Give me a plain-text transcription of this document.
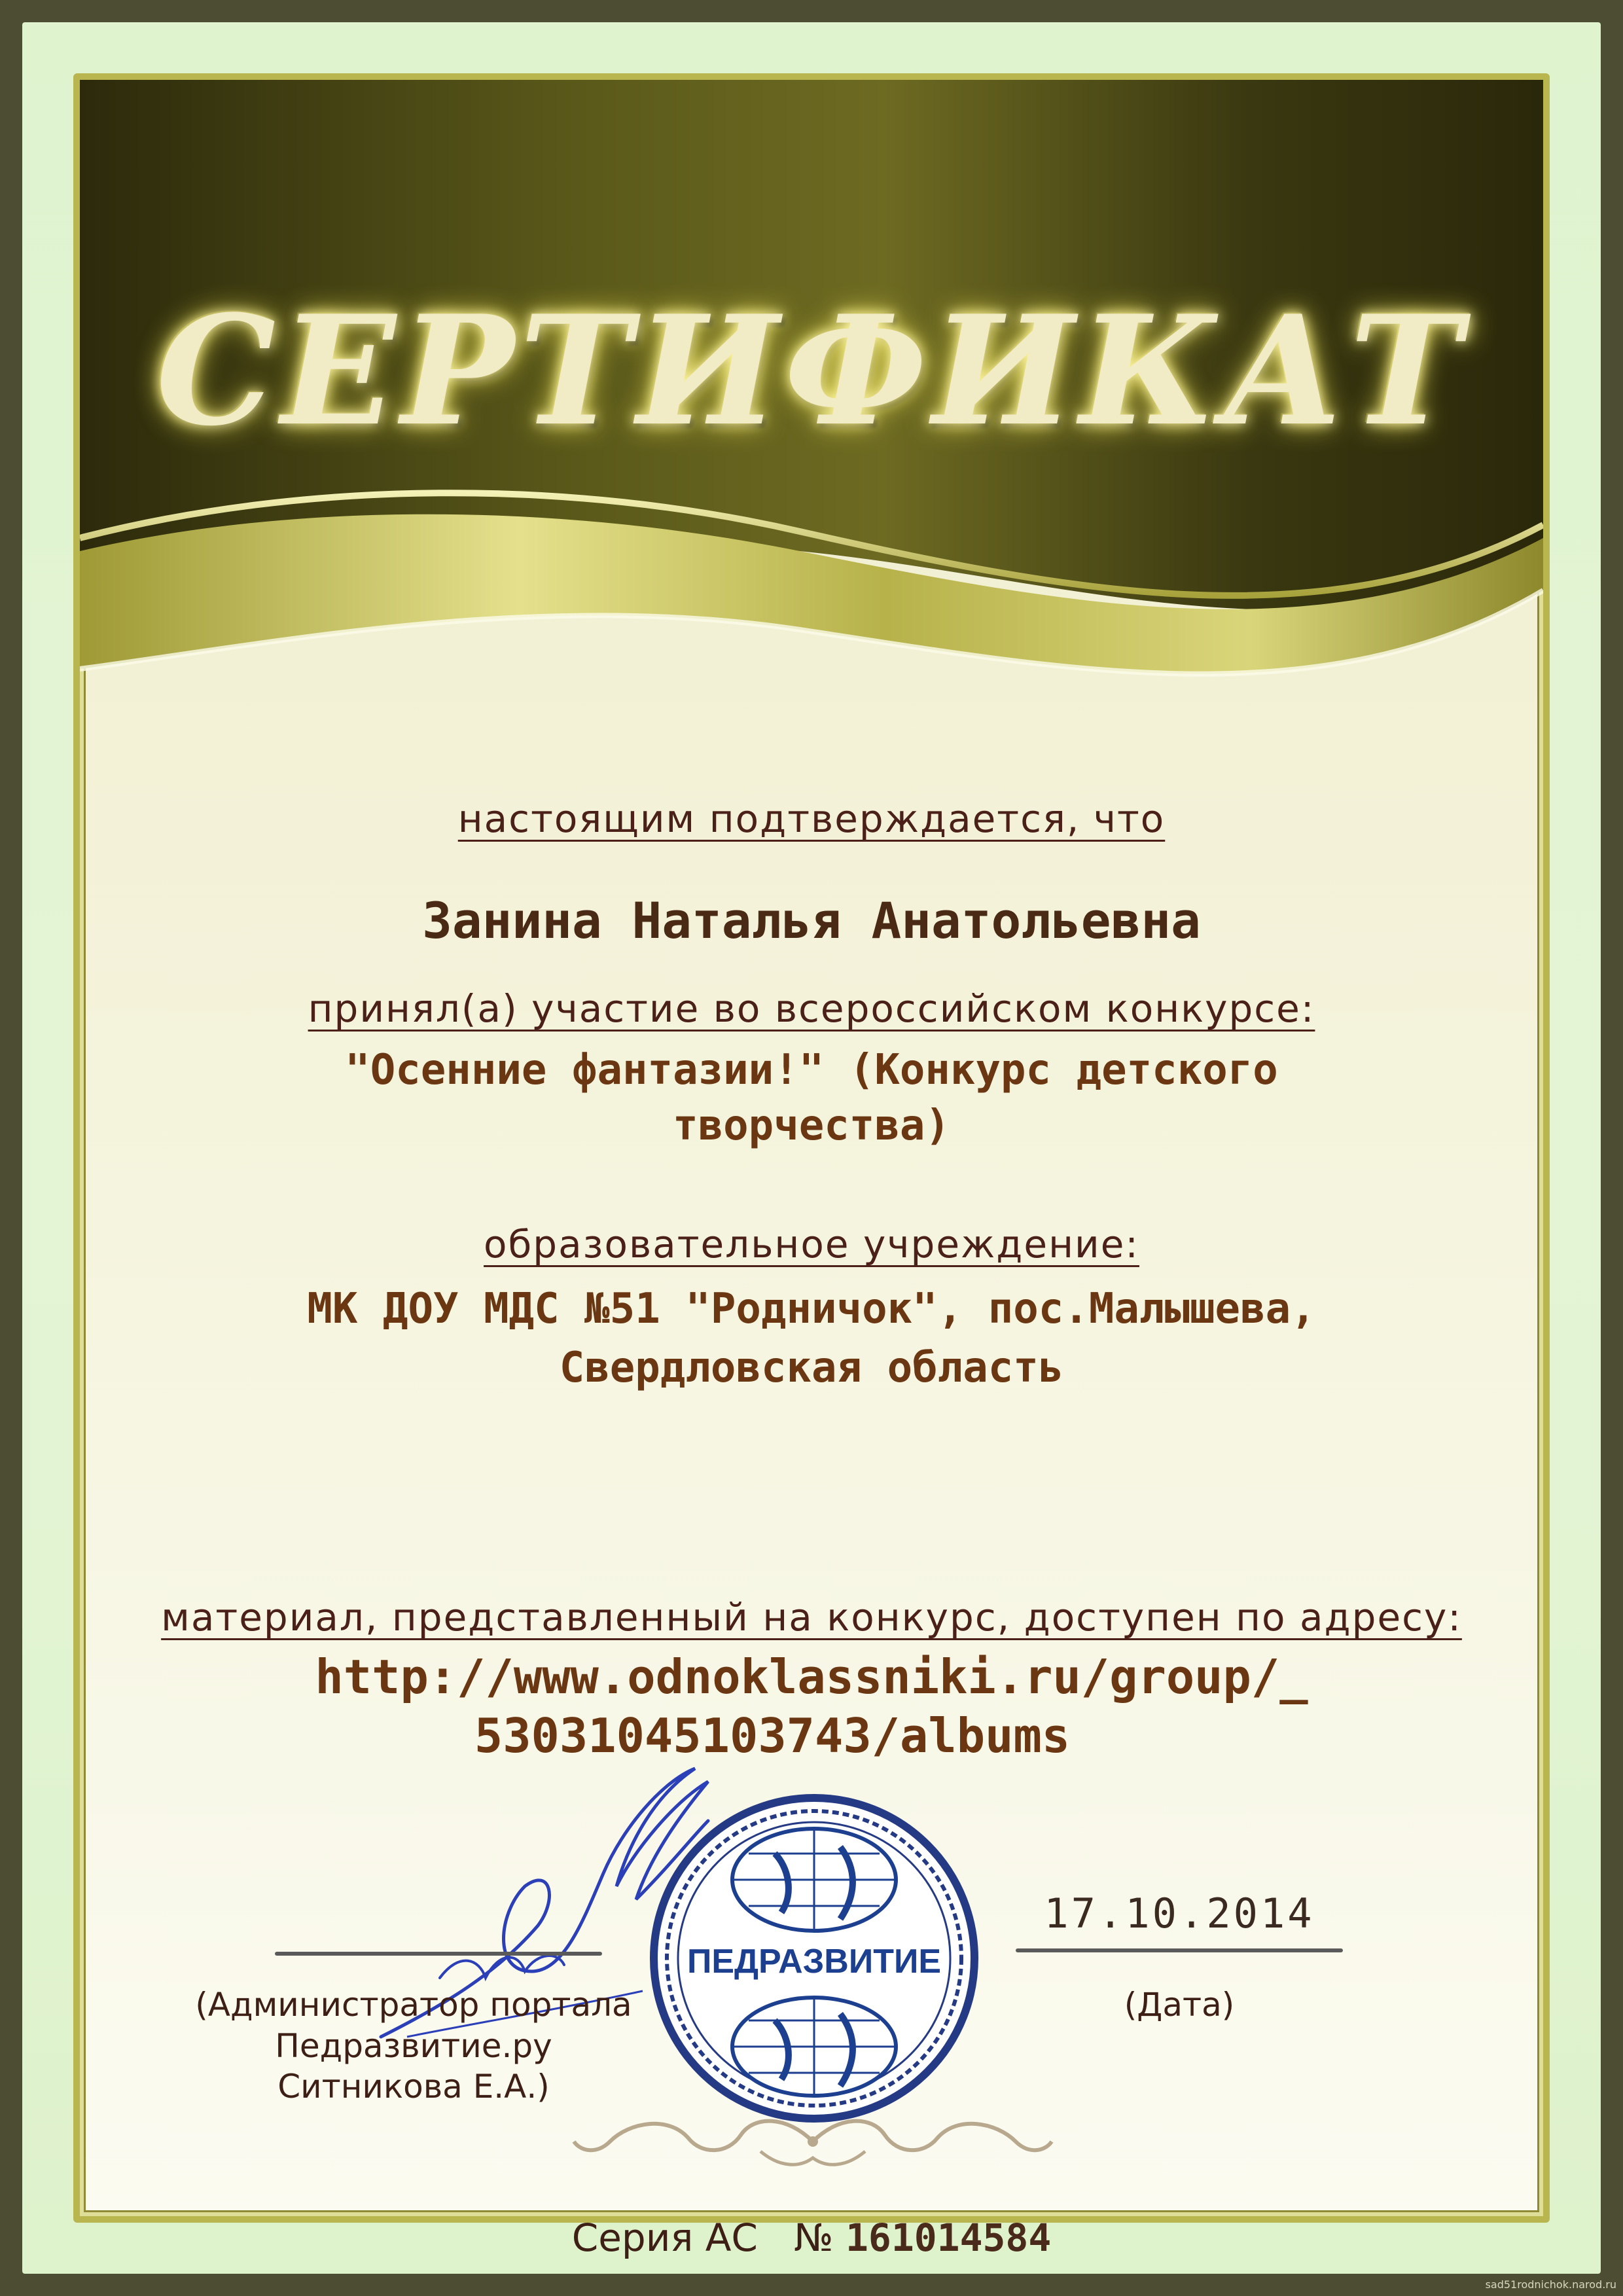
СЕРТИФИКАТ
настоящим подтверждается, что
Занина Наталья Анатольевна
принял(а) участие во всероссийском конкурсе:
"Осенние фантазии!" (Конкурс детского
творчества)
образовательное учреждение:
МК ДОУ МДС №51 "Родничок", пос.Малышева,
Свердловская область
материал, представленный на конкурс, доступен по адресу:
http://www.odnoklassniki.ru/group/_
53031045103743/albums
(Администратор портала
Педразвитие.ру
Ситникова Е.А.)
ПЕДРАЗВИТИЕ
17.10.2014
(Дата)
Серия АС № 161014584
sad51rodnichok.narod.ru
